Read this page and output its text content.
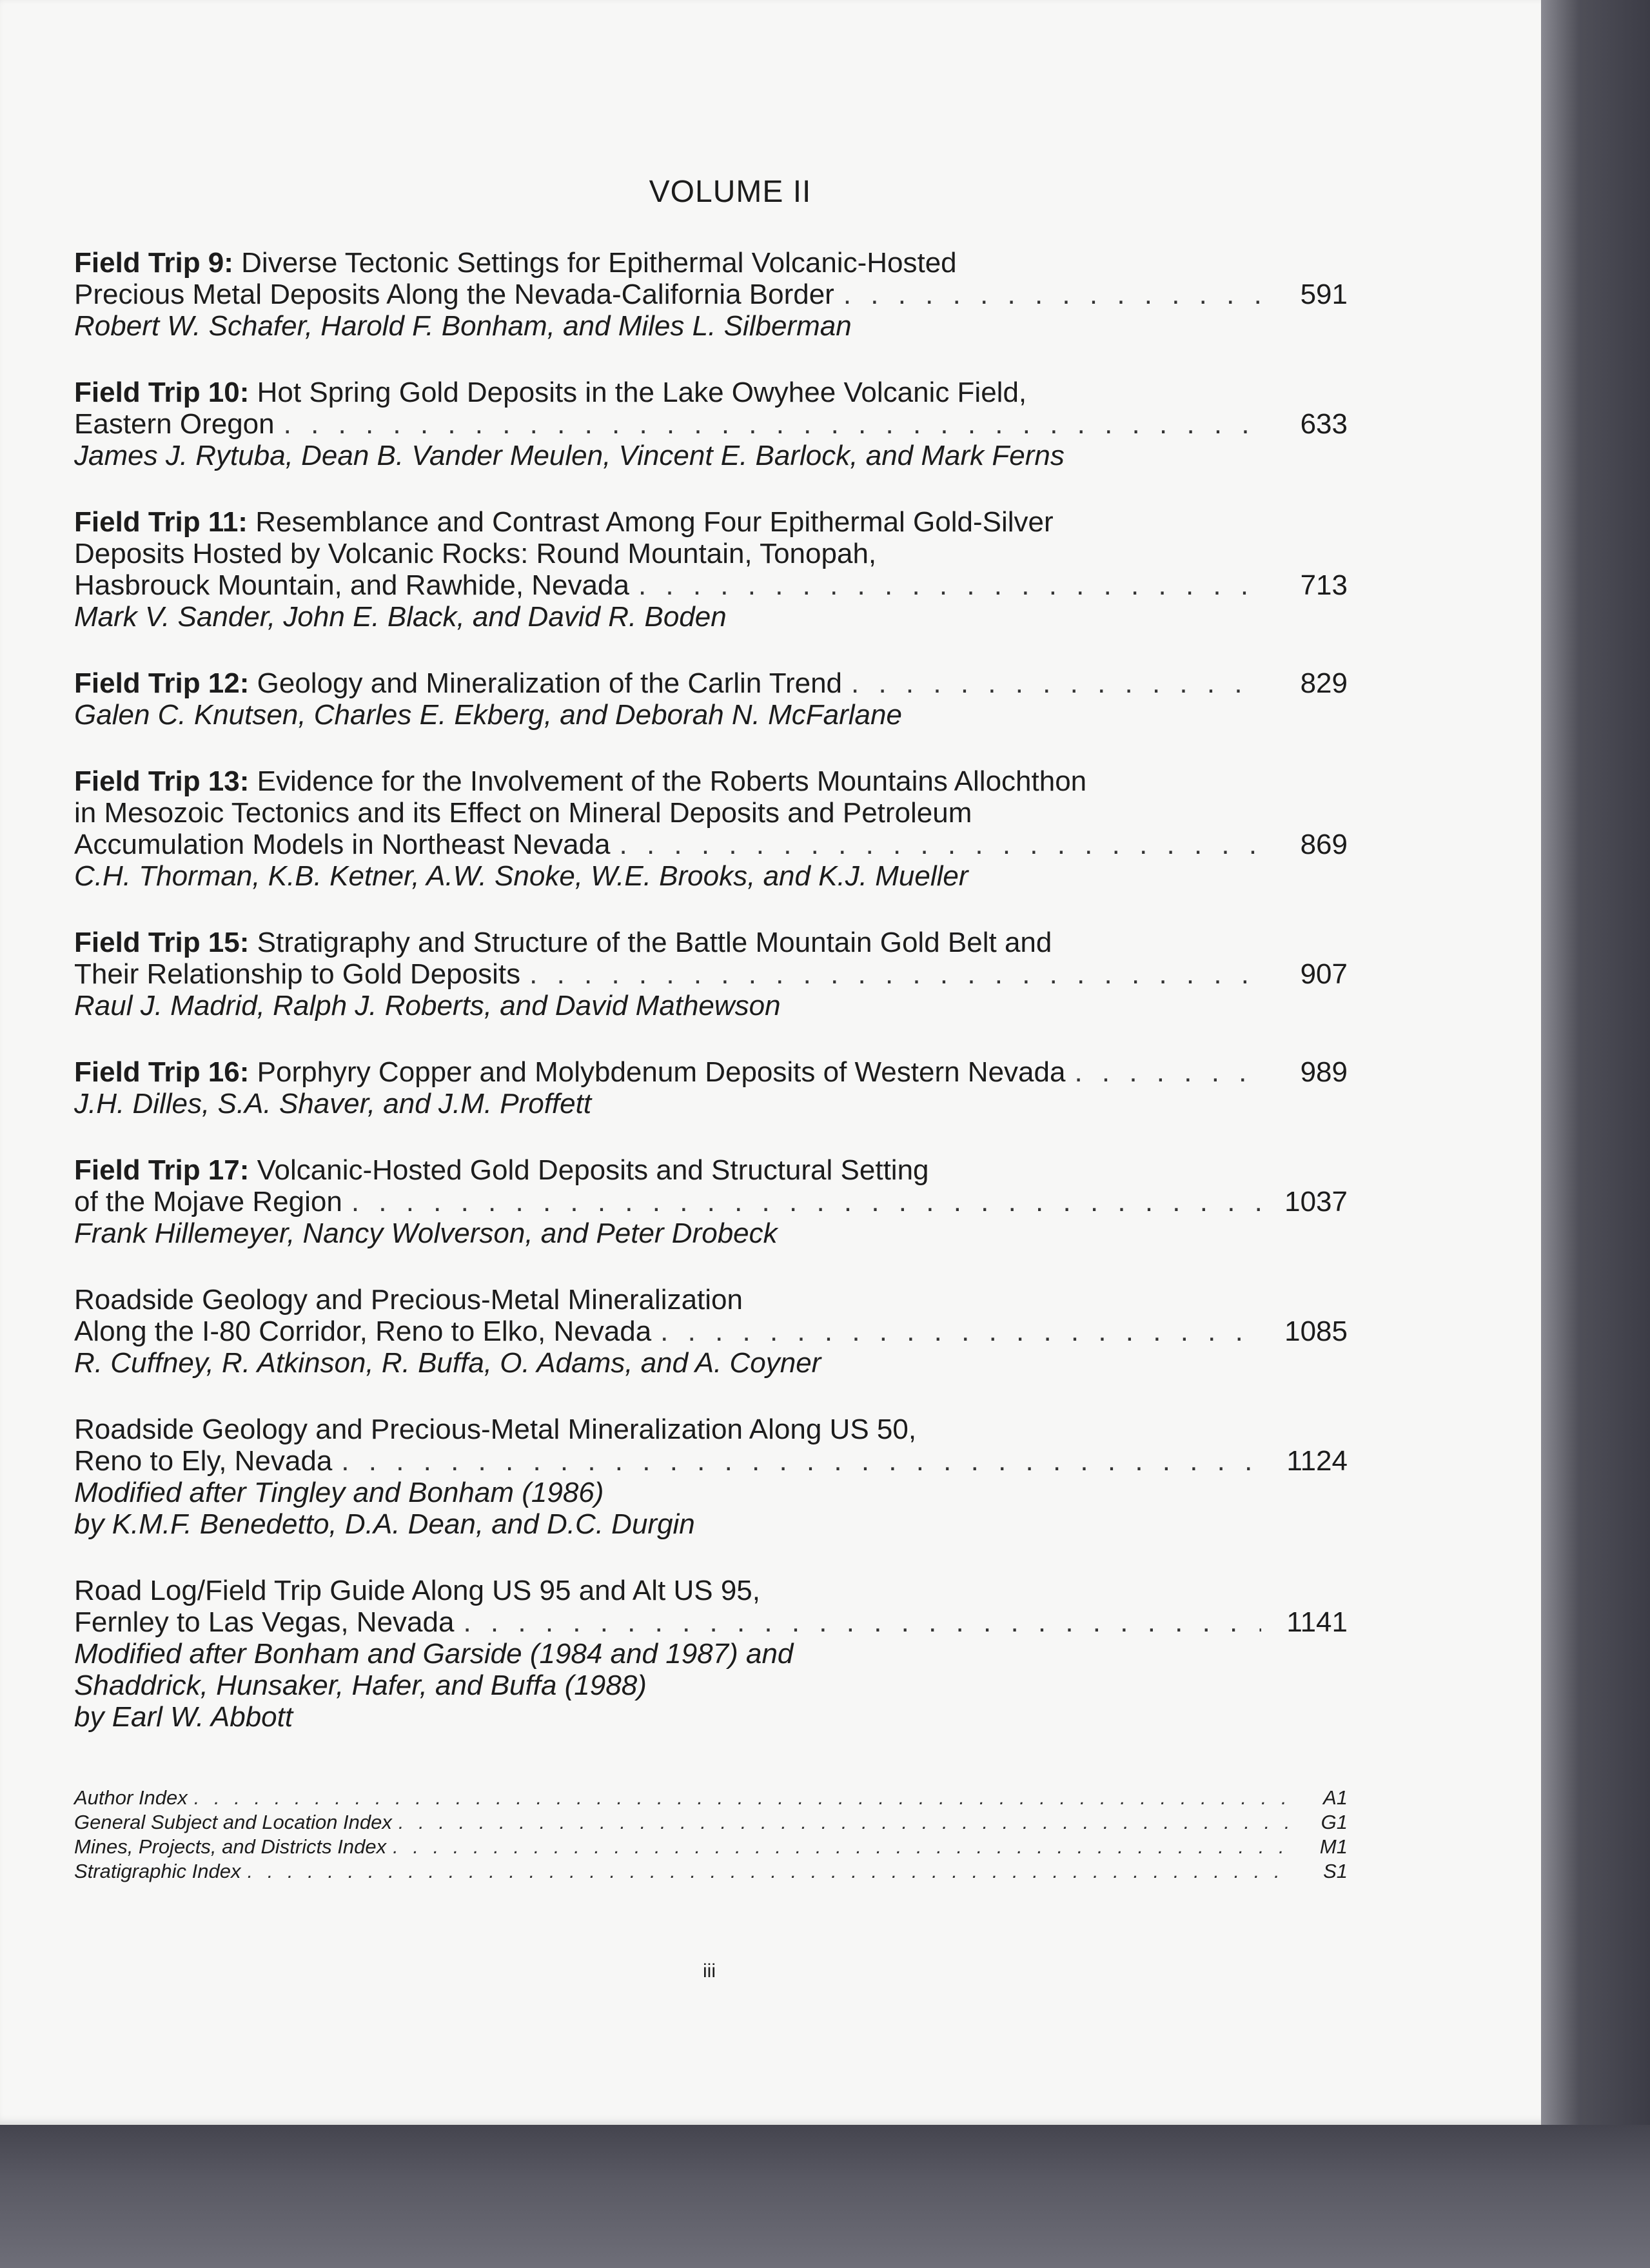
VOLUME II
Field Trip 9: Diverse Tectonic Settings for Epithermal Volcanic-Hosted
Precious Metal Deposits Along the Nevada-California Border . . .	591
Robert W. Schafer, Harold F. Bonham, and Miles L. Silberman
Field Trip 10: Hot Spring Gold Deposits in the Lake Owyhee Volcanic Field,
Eastern Oregon . . .	633
James J. Rytuba, Dean B. Vander Meulen, Vincent E. Barlock, and Mark Ferns
Field Trip 11: Resemblance and Contrast Among Four Epithermal Gold-Silver
Deposits Hosted by Volcanic Rocks: Round Mountain, Tonopah,
Hasbrouck Mountain, and Rawhide, Nevada . . .	713
Mark V. Sander, John E. Black, and David R. Boden
Field Trip 12: Geology and Mineralization of the Carlin Trend . . .	829
Galen C. Knutsen, Charles E. Ekberg, and Deborah N. McFarlane
Field Trip 13: Evidence for the Involvement of the Roberts Mountains Allochthon
in Mesozoic Tectonics and its Effect on Mineral Deposits and Petroleum
Accumulation Models in Northeast Nevada . . .	869
C.H. Thorman, K.B. Ketner, A.W. Snoke, W.E. Brooks, and K.J. Mueller
Field Trip 15: Stratigraphy and Structure of the Battle Mountain Gold Belt and
Their Relationship to Gold Deposits . . .	907
Raul J. Madrid, Ralph J. Roberts, and David Mathewson
Field Trip 16: Porphyry Copper and Molybdenum Deposits of Western Nevada . . .	989
J.H. Dilles, S.A. Shaver, and J.M. Proffett
Field Trip 17: Volcanic-Hosted Gold Deposits and Structural Setting
of the Mojave Region . . .	1037
Frank Hillemeyer, Nancy Wolverson, and Peter Drobeck
Roadside Geology and Precious-Metal Mineralization
Along the I-80 Corridor, Reno to Elko, Nevada . . .	1085
R. Cuffney, R. Atkinson, R. Buffa, O. Adams, and A. Coyner
Roadside Geology and Precious-Metal Mineralization Along US 50,
Reno to Ely, Nevada . . .	1124
Modified after Tingley and Bonham (1986)
by K.M.F. Benedetto, D.A. Dean, and D.C. Durgin
Road Log/Field Trip Guide Along US 95 and Alt US 95,
Fernley to Las Vegas, Nevada . . .	1141
Modified after Bonham and Garside (1984 and 1987) and
Shaddrick, Hunsaker, Hafer, and Buffa (1988)
by Earl W. Abbott
Author Index . . .	A1
General Subject and Location Index . . .	G1
Mines, Projects, and Districts Index . . .	M1
Stratigraphic Index . . .	S1
iii
